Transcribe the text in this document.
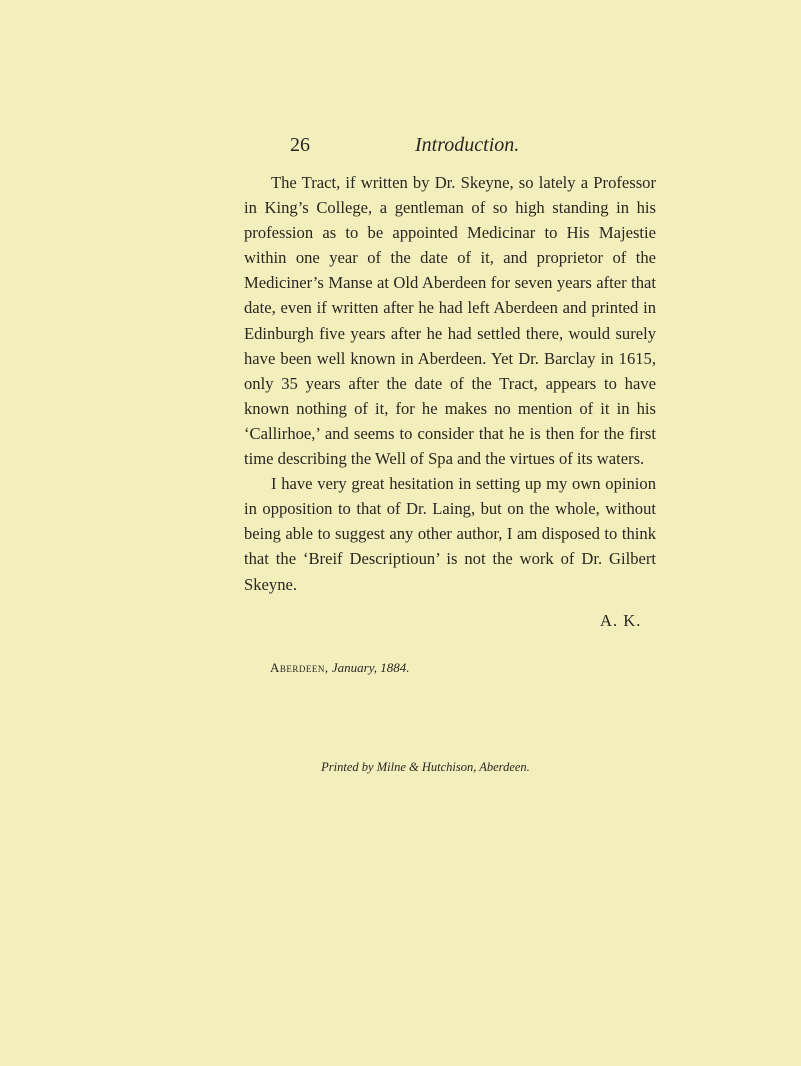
26	Introduction.

The Tract, if written by Dr. Skeyne, so lately a Professor in King’s College, a gentleman of so high standing in his profession as to be appointed Medicinar to His Majestie within one year of the date of it, and proprietor of the Mediciner’s Manse at Old Aberdeen for seven years after that date, even if written after he had left Aberdeen and printed in Edinburgh five years after he had settled there, would surely have been well known in Aberdeen. Yet Dr. Barclay in 1615, only 35 years after the date of the Tract, appears to have known nothing of it, for he makes no mention of it in his ‘Callirhoe,’ and seems to consider that he is then for the first time describing the Well of Spa and the virtues of its waters.

I have very great hesitation in setting up my own opinion in opposition to that of Dr. Laing, but on the whole, without being able to suggest any other author, I am disposed to think that the ‘Breif Descriptioun’ is not the work of Dr. Gilbert Skeyne.

A. K.
Aberdeen, January, 1884.
Printed by Milne & Hutchison, Aberdeen.
